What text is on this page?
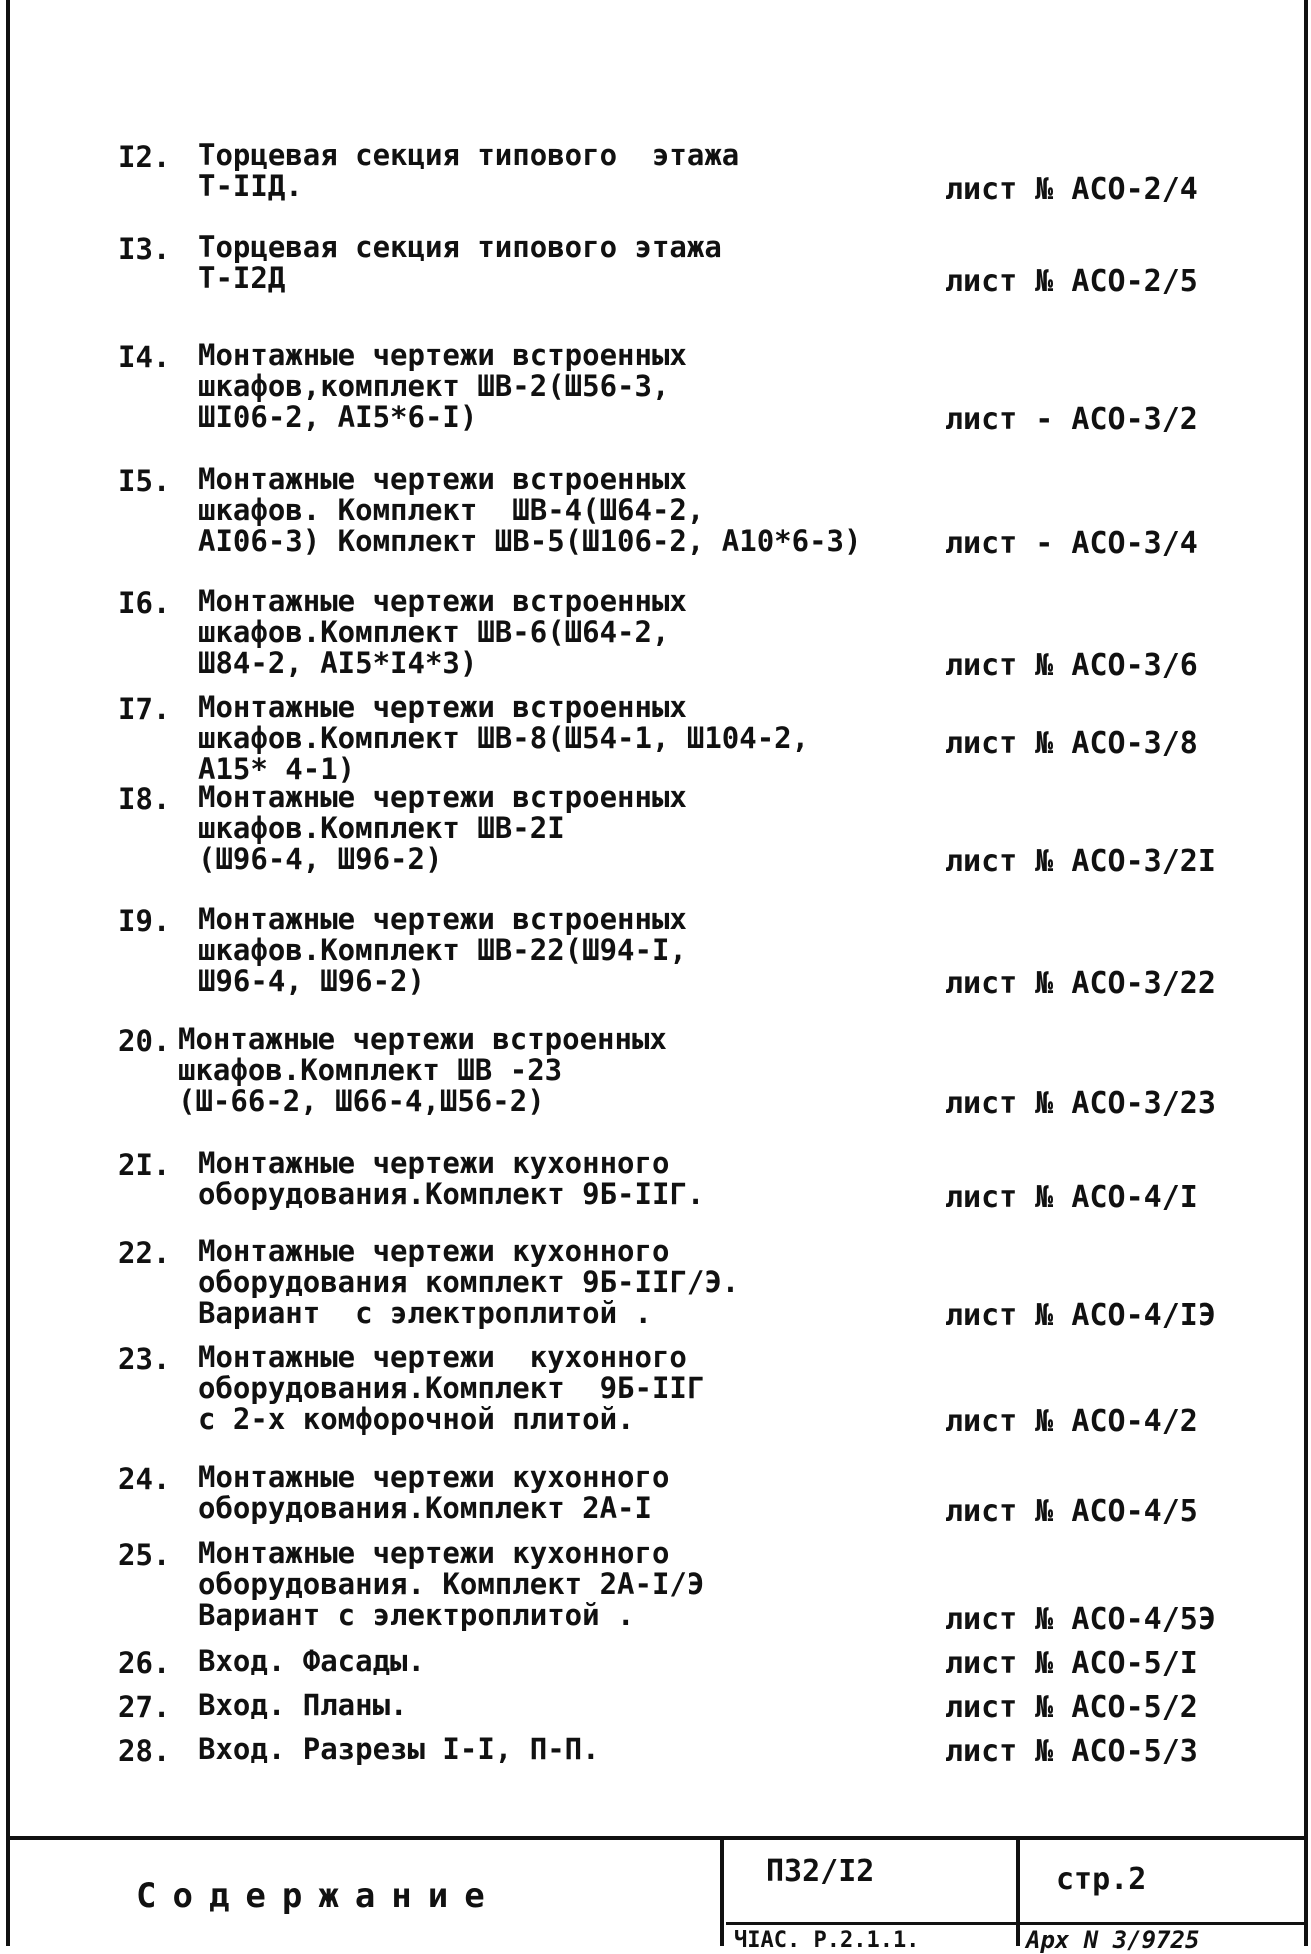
I2. Торцевая секция типового  этажа
Т-IIД.	лист № АСО-2/4
I3. Торцевая секция типового этажа
Т-I2Д	лист № АСО-2/5
I4. Монтажные чертежи встроенных
шкафов,комплект ШВ-2(Ш56-3,
ШI06-2, АI5*6-I)	лист - АСО-3/2
I5. Монтажные чертежи встроенных
шкафов. Комплект  ШВ-4(Ш64-2,
АI06-3) Комплект ШВ-5(Ш106-2, А10*6-3)	лист - АСО-3/4
I6. Монтажные чертежи встроенных
шкафов.Комплект ШВ-6(Ш64-2,
Ш84-2, АI5*I4*3)	лист № АСО-3/6
I7. Монтажные чертежи встроенных
шкафов.Комплект ШВ-8(Ш54-1, Ш104-2,
А15* 4-1)
лист № АСО-3/8
I8. Монтажные чертежи встроенных
шкафов.Комплект ШВ-2I
(Ш96-4, Ш96-2)	лист № АСО-3/2I
I9. Монтажные чертежи встроенных
шкафов.Комплект ШВ-22(Ш94-I,
Ш96-4, Ш96-2)	лист № АСО-3/22
20. Монтажные чертежи встроенных
шкафов.Комплект ШВ -23
(Ш-66-2, Ш66-4,Ш56-2)	лист № АСО-3/23
2I. Монтажные чертежи кухонного
оборудования.Комплект 9Б-IIГ.	лист № АСО-4/I
22. Монтажные чертежи кухонного
оборудования комплект 9Б-IIГ/Э.
Вариант  с электроплитой .	лист № АСО-4/IЭ
23. Монтажные чертежи  кухонного
оборудования.Комплект  9Б-IIГ
с 2-х комфорочной плитой.	лист № АСО-4/2
24. Монтажные чертежи кухонного
оборудования.Комплект 2А-I	лист № АСО-4/5
25. Монтажные чертежи кухонного
оборудования. Комплект 2А-I/Э
Вариант с электроплитой .	лист № АСО-4/5Э
26. Вход. Фасады.	лист № АСО-5/I
27. Вход. Планы.	лист № АСО-5/2
28. Вход. Разрезы I-I, П-П.	лист № АСО-5/3
Содержание
П32/I2	стр.2
ЧIАС. Р.2.1.1.	Арх N 3/9725
